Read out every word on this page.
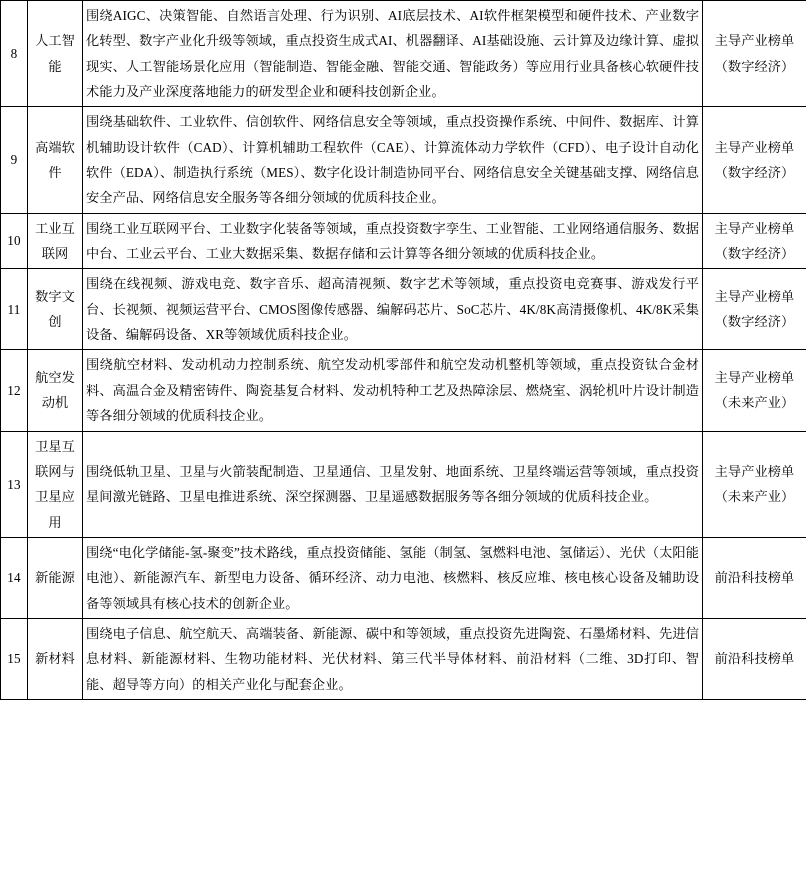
8	人工智能	围绕AIGC、决策智能、自然语言处理、行为识别、AI底层技术、AI软件框架模型和硬件技术、产业数字化转型、数字产业化升级等领域，重点投资生成式AI、机器翻译、AI基础设施、云计算及边缘计算、虚拟现实、人工智能场景化应用（智能制造、智能金融、智能交通、智能政务）等应用行业具备核心软硬件技术能力及产业深度落地能力的研发型企业和硬科技创新企业。	主导产业榜单（数字经济）
9	高端软件	围绕基础软件、工业软件、信创软件、网络信息安全等领域，重点投资操作系统、中间件、数据库、计算机辅助设计软件（CAD）、计算机辅助工程软件（CAE）、计算流体动力学软件（CFD）、电子设计自动化软件（EDA）、制造执行系统（MES）、数字化设计制造协同平台、网络信息安全关键基础支撑、网络信息安全产品、网络信息安全服务等各细分领域的优质科技企业。	主导产业榜单（数字经济）
10	工业互联网	围绕工业互联网平台、工业数字化装备等领域，重点投资数字孪生、工业智能、工业网络通信服务、数据中台、工业云平台、工业大数据采集、数据存储和云计算等各细分领域的优质科技企业。	主导产业榜单（数字经济）
11	数字文创	围绕在线视频、游戏电竞、数字音乐、超高清视频、数字艺术等领域，重点投资电竞赛事、游戏发行平台、长视频、视频运营平台、CMOS图像传感器、编解码芯片、SoC芯片、4K/8K高清摄像机、4K/8K采集设备、编解码设备、XR等领域优质科技企业。	主导产业榜单（数字经济）
12	航空发动机	围绕航空材料、发动机动力控制系统、航空发动机零部件和航空发动机整机等领域，重点投资钛合金材料、高温合金及精密铸件、陶瓷基复合材料、发动机特种工艺及热障涂层、燃烧室、涡轮机叶片设计制造等各细分领域的优质科技企业。	主导产业榜单（未来产业）
13	卫星互联网与卫星应用	围绕低轨卫星、卫星与火箭装配制造、卫星通信、卫星发射、地面系统、卫星终端运营等领域，重点投资星间激光链路、卫星电推进系统、深空探测器、卫星遥感数据服务等各细分领域的优质科技企业。	主导产业榜单（未来产业）
14	新能源	围绕“电化学储能-氢-聚变”技术路线，重点投资储能、氢能（制氢、氢燃料电池、氢储运）、光伏（太阳能电池）、新能源汽车、新型电力设备、循环经济、动力电池、核燃料、核反应堆、核电核心设备及辅助设备等领域具有核心技术的创新企业。	前沿科技榜单
15	新材料	围绕电子信息、航空航天、高端装备、新能源、碳中和等领域，重点投资先进陶瓷、石墨烯材料、先进信息材料、新能源材料、生物功能材料、光伏材料、第三代半导体材料、前沿材料（二维、3D打印、智能、超导等方向）的相关产业化与配套企业。	前沿科技榜单
